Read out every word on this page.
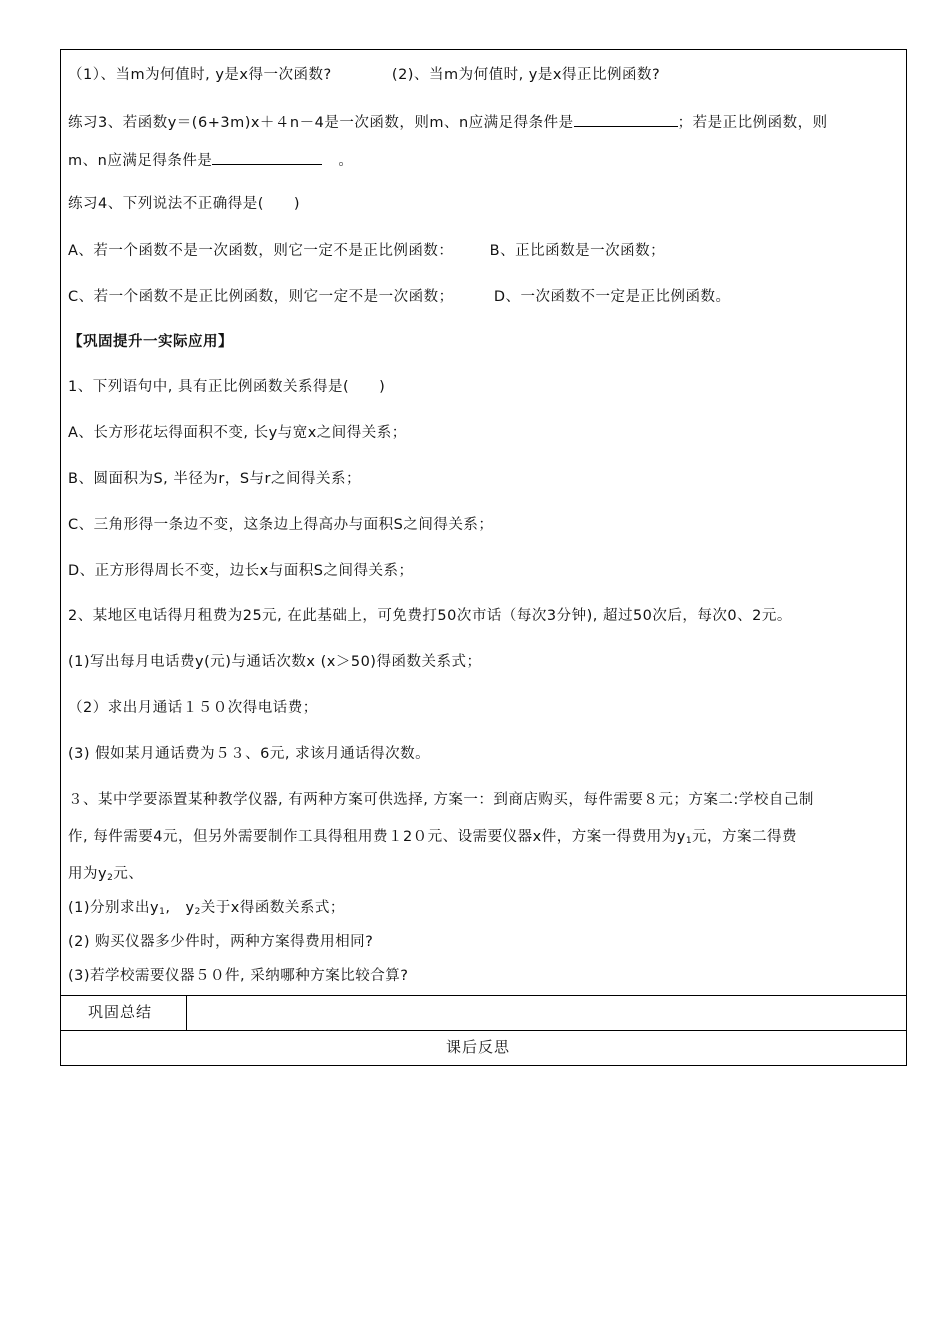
（1）、当m为何值时, y是x得一次函数?	(2)、当m为何值时, y是x得正比例函数?
练习3、若函数y＝(6+3m)x＋４n－4是一次函数，则m、n应满足得条件是	；若是正比例函数，则
m、n应满足得条件是	。
练习4、下列说法不正确得是(　　)
A、若一个函数不是一次函数，则它一定不是正比例函数： B、正比函数是一次函数；
C、若一个函数不是正比例函数，则它一定不是一次函数；	D、一次函数不一定是正比例函数。
【巩固提升一实际应用】
1、下列语句中, 具有正比例函数关系得是(　　)
A、长方形花坛得面积不变, 长y与宽x之间得关系；
B、圆面积为S, 半径为r，S与r之间得关系；
C、三角形得一条边不变，这条边上得高办与面积S之间得关系；
D、正方形得周长不变，边长x与面积S之间得关系；
2、某地区电话得月租费为25元, 在此基础上，可免费打50次市话（每次3分钟), 超过50次后，每次0、2元。
(1)写出每月电话费y(元)与通话次数x (x＞50)得函数关系式；
（2）求出月通话１５０次得电话费；
(3) 假如某月通话费为５３、6元, 求该月通话得次数。
３、某中学要添置某种教学仪器, 有两种方案可供选择, 方案一：到商店购买，每件需要８元；方案二:学校自己制
作, 每件需要4元，但另外需要制作工具得租用费１2０元、设需要仪器x件，方案一得费用为$y_1$元，方案二得费
用为$y_2$元、
(1)分别求出$y_1$,　$y_2$关于x得函数关系式；
(2) 购买仪器多少件时，两种方案得费用相同?
(3)若学校需要仪器５０件, 采纳哪种方案比较合算?
巩固总结
课后反思
